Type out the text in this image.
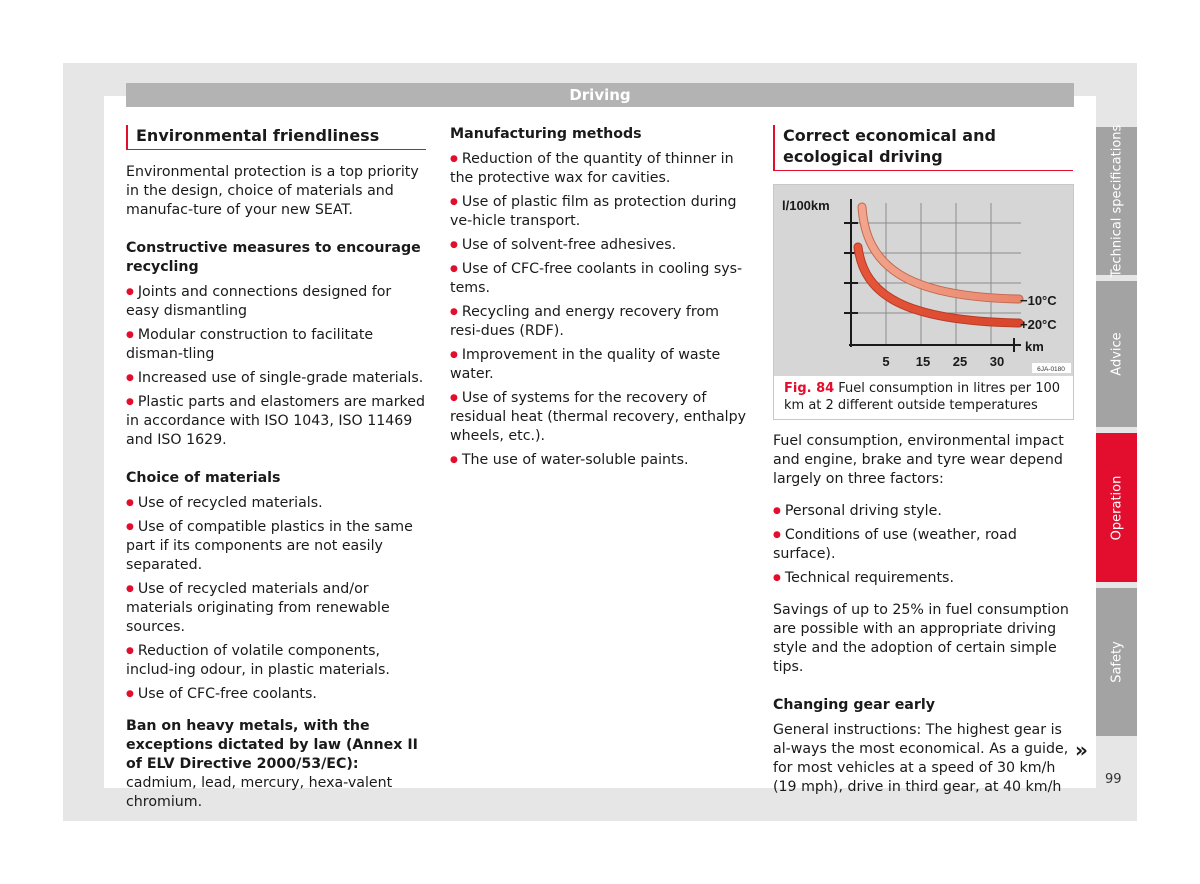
Driving
Environmental friendliness

Environmental protection is a top priority in the design, choice of materials and manufac-ture of your new SEAT.

Constructive measures to encourage recycling

● Joints and connections designed for easy dismantling

● Modular construction to facilitate disman-tling

● Increased use of single-grade materials.

● Plastic parts and elastomers are marked in accordance with ISO 1043, ISO 11469 and ISO 1629.

Choice of materials

● Use of recycled materials.

● Use of compatible plastics in the same part if its components are not easily separated.

● Use of recycled materials and/or materials originating from renewable sources.

● Reduction of volatile components, includ-ing odour, in plastic materials.

● Use of CFC-free coolants.

Ban on heavy metals, with the exceptions dictated by law (Annex II of ELV Directive 2000/53/EC): cadmium, lead, mercury, hexa-valent chromium.

Manufacturing methods

● Reduction of the quantity of thinner in the protective wax for cavities.

● Use of plastic film as protection during ve-hicle transport.

● Use of solvent-free adhesives.

● Use of CFC-free coolants in cooling sys-tems.

● Recycling and energy recovery from resi-dues (RDF).

● Improvement in the quality of waste water.

● Use of systems for the recovery of residual heat (thermal recovery, enthalpy wheels, etc.).

● The use of water-soluble paints.

Correct economical and ecological driving
l/100km
−10°C
+20°C
km
5 15 25 30
6JA-0180
Fig. 84 Fuel consumption in litres per 100 km at 2 different outside temperatures

Fuel consumption, environmental impact and engine, brake and tyre wear depend largely on three factors:

● Personal driving style.

● Conditions of use (weather, road surface).

● Technical requirements.

Savings of up to 25% in fuel consumption are possible with an appropriate driving style and the adoption of certain simple tips.

Changing gear early

General instructions: The highest gear is al-ways the most economical. As a guide, for most vehicles at a speed of 30 km/h (19 mph), drive in third gear, at 40 km/h

»
Technical specifications
Advice
Operation
Safety
99
